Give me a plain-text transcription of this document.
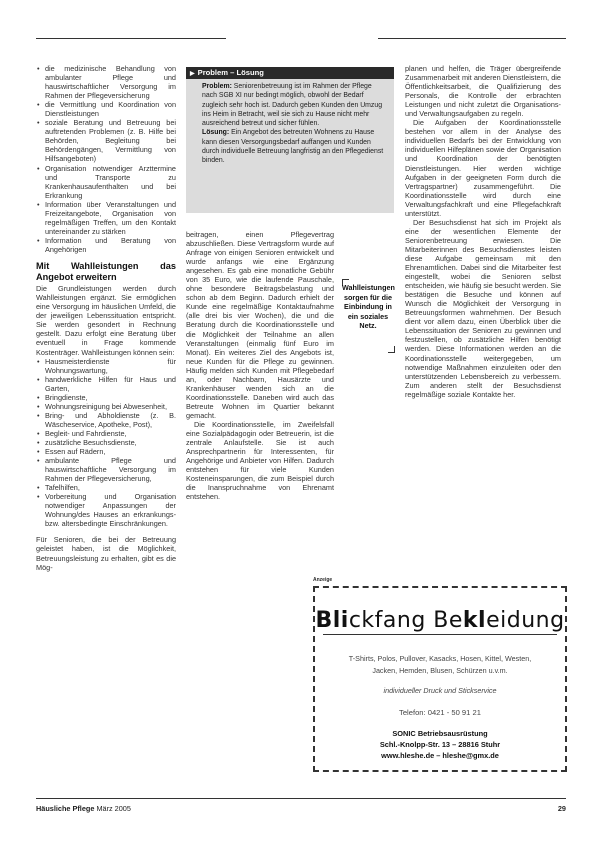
• die medizinische Behandlung von ambulanter Pflege und hauswirtschaftlicher Versorgung im Rahmen der Pflegeversicherung
• die Vermittlung und Koordination von Dienstleistungen
• soziale Beratung und Betreuung bei auftretenden Problemen (z. B. Hilfe bei Behörden, Begleitung bei Behördengängen, Vermittlung von Hilfsangeboten)
• Organisation notwendiger Arzttermine und Transporte zu Krankenhausaufenthalten und bei Erkrankung
• Information über Veranstaltungen und Freizeitangebote, Organisation von regelmäßigen Treffen, um den Kontakt untereinander zu stärken
• Information und Beratung von Angehörigen
Mit Wahlleistungen das Angebot erweitern

Die Grundleistungen werden durch Wahlleistungen ergänzt. Sie ermöglichen eine Versorgung im häuslichen Umfeld, die der jeweiligen Lebenssituation entspricht. Sie werden gesondert in Rechnung gestellt. Dazu erfolgt eine Beratung über eventuell in Frage kommende Kostenträger. Wahlleistungen können sein:

• Hausmeisterdienste für Wohnungswartung,
• handwerkliche Hilfen für Haus und Garten,
• Bringdienste,
• Wohnungsreinigung bei Abwesenheit,
• Bring- und Abholdienste (z. B. Wäscheservice, Apotheke, Post),
• Begleit- und Fahrdienste,
• zusätzliche Besuchsdienste,
• Essen auf Rädern,
• ambulante Pflege und hauswirtschaftliche Versorgung im Rahmen der Pflegeversicherung,
• Tafelhilfen,
• Vorbereitung und Organisation notwendiger Anpassungen der Wohnung/des Hauses an erkrankungs- bzw. altersbedingte Einschränkungen.

Für Senioren, die bei der Betreuung geleistet haben, ist die Möglichkeit, Betreuungsleistung zu erhalten, gibt es die Mög-

▶ Problem – Lösung
Problem: Seniorenbetreuung ist im Rahmen der Pflege nach SGB XI nur bedingt möglich, obwohl der Bedarf zugleich sehr hoch ist. Dadurch geben Kunden den Umzug ins Heim in Betracht, weil sie sich zu Hause nicht mehr ausreichend betreut und sicher fühlen.
Lösung: Ein Angebot des betreuten Wohnens zu Hause kann diesen Versorgungsbedarf auffangen und Kunden durch individuelle Betreuung langfristig an den Pflegedienst binden.

beitragen, einen Pflegevertrag abzuschließen. Diese Vertragsform wurde auf Anfrage von einigen Senioren entwickelt und wurde anfangs wie eine Ergänzung angesehen. Es gab eine monatliche Gebühr von 35 Euro, wie die laufende Pauschale, ohne besondere Beitragsbelastung und schon ab dem Beginn. Dadurch erhielt der Kunde eine regelmäßige Kontaktaufnahme (alle drei bis vier Wochen), die und die Beratung durch die Koordinationsstelle und die Möglichkeit der Teilnahme an allen Veranstaltungen (einmalig fünf Euro im Monat). Ein weiteres Ziel des Angebots ist, neue Kunden für die Pflege zu gewinnen. Häufig melden sich Kunden mit Pflegebedarf an, oder Nachbarn, Hausärzte und Krankenhäuser wenden sich an die Koordinationsstelle. Daneben wird auch das Betreute Wohnen im Quartier bekannt gemacht.

Die Koordinationsstelle, im Zweifelsfall eine Sozialpädagogin oder Betreuerin, ist die zentrale Anlaufstelle. Sie ist auch Ansprechpartnerin für Interessenten, für Angehörige und Anbieter von Hilfen. Dadurch entstehen für viele Kunden Kosteneinsparungen, die zum Beispiel durch die Inanspruchnahme von Ehrenamt entstehen.

Wahlleistungen sorgen für die Einbindung in ein soziales Netz.

planen und helfen, die Träger übergreifende Zusammenarbeit mit anderen Dienstleistern, die Öffentlichkeitsarbeit, die Qualifizierung des Personals, die Kontrolle der erbrachten Leistungen und nicht zuletzt die Organisations- und Verwaltungsaufgaben zu regeln.

Die Aufgaben der Koordinationsstelle bestehen vor allem in der Analyse des individuellen Bedarfs bei der Entwicklung von individuellen Hilfeplänen sowie der Organisation und Koordination der benötigten Dienstleistungen. Hier werden wichtige Aufgaben in der geeigneten Form durch die Vertragspartner) zusammengeführt. Die Koordinationsstelle wird durch eine Verwaltungsfachkraft und eine Pflegefachkraft unterstützt.

Der Besuchsdienst hat sich im Projekt als eine der wesentlichen Elemente der Seniorenbetreuung erwiesen. Die Mitarbeiterinnen des Besuchsdienstes leisten diese Aufgabe gemeinsam mit den Ehrenamtlichen. Dabei sind die Mitarbeiter fest eingestellt, wobei die Senioren selbst entscheiden, wie häufig sie besucht werden. Sie bestätigen die Besuche und können auf Wunsch die Möglichkeit der Versorgung in Betreuungsformen wahrnehmen. Der Besuch dient vor allem dazu, einen Überblick über die Lebenssituation der Senioren zu gewinnen und festzustellen, ob zusätzliche Hilfen benötigt werden. Diese Informationen werden an die Koordinationsstelle weitergegeben, um notwendige Maßnahmen einzuleiten oder den unterstützenden Lebensbereich zu verbessern. Zum anderen stellt der Besuchsdienst regelmäßige soziale Kontakte her.

Anzeige
Blickfang Bekleidung
T-Shirts, Polos, Pullover, Kasacks, Hosen, Kittel, Westen,
Jacken, Hemden, Blusen, Schürzen u.v.m.
individueller Druck und Stickservice
Telefon: 0421 - 50 91 21
SONIC Betriebsausrüstung
Schl.-Knolpp-Str. 13 – 28816 Stuhr
www.hleshe.de – hleshe@gmx.de
Häusliche Pflege März 2005	29
